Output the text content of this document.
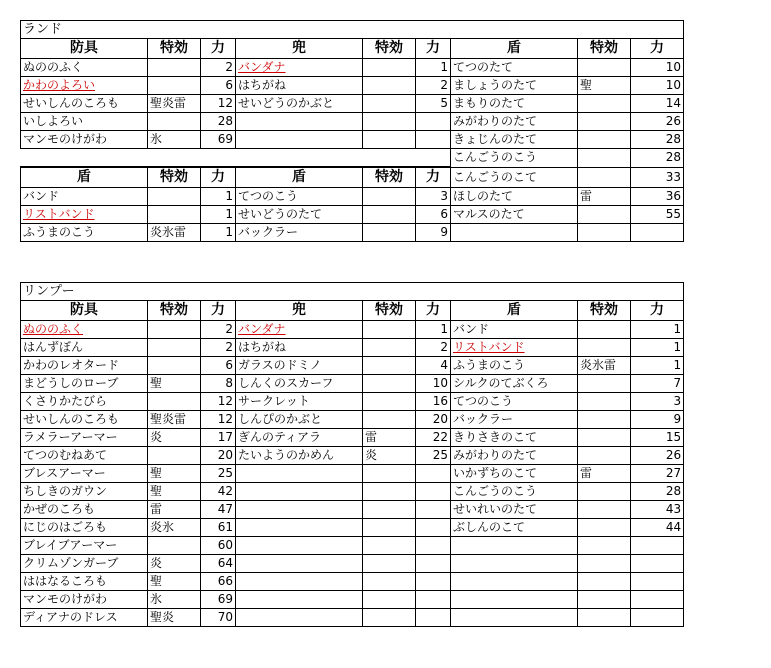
ランド								
防具	特効	力	兜	特効	力	盾	特効	力
ぬののふく		2	バンダナ		1	てつのたて		10
かわのよろい		6	はちがね		2	ましょうのたて	聖	10
せいしんのころも	聖炎雷	12	せいどうのかぶと		5	まもりのたて		14
いしよろい		28				みがわりのたて		26
マンモのけがわ	氷	69				きょじんのたて		28
						こんごうのこう		28
盾	特効	力	盾	特効	力	こんごうのこて		33
バンド		1	てつのこう		3	ほしのたて	雷	36
リストバンド		1	せいどうのたて		6	マルスのたて		55
ふうまのこう	炎氷雷	1	バックラー		9			
リンプー								
防具	特効	力	兜	特効	力	盾	特効	力
ぬののふく		2	バンダナ		1	バンド		1
はんずぼん		2	はちがね		2	リストバンド		1
かわのレオタード		6	ガラスのドミノ		4	ふうまのこう	炎氷雷	1
まどうしのローブ	聖	8	しんくのスカーフ		10	シルクのてぶくろ		7
くさりかたびら		12	サークレット		16	てつのこう		3
せいしんのころも	聖炎雷	12	しんぴのかぶと		20	バックラー		9
ラメラーアーマー	炎	17	ぎんのティアラ	雷	22	きりさきのこて		15
てつのむねあて		20	たいようのかめん	炎	25	みがわりのたて		26
ブレスアーマー	聖	25				いかずちのこて	雷	27
ちしきのガウン	聖	42				こんごうのこう		28
かぜのころも	雷	47				せいれいのたて		43
にじのはごろも	炎氷	61				ぶしんのこて		44
ブレイブアーマー		60						
クリムゾンガーブ	炎	64						
ははなるころも	聖	66						
マンモのけがわ	氷	69						
ディアナのドレス	聖炎	70						
